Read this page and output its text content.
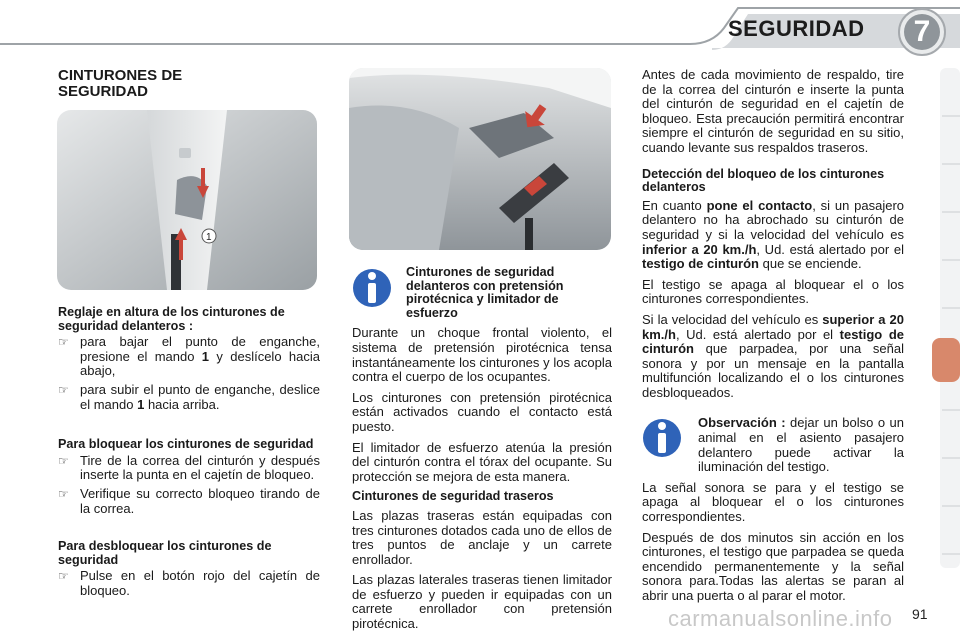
SEGURIDAD	7
CINTURONES DE SEGURIDAD
1
Reglaje en altura de los cinturones de seguridad delanteros :
☞ para bajar el punto de enganche, presione el mando 1 y deslícelo hacia abajo,
☞ para subir el punto de enganche, deslice el mando 1 hacia arriba.
Para bloquear los cinturones de seguridad
☞ Tire de la correa del cinturón y después inserte la punta en el cajetín de bloqueo.
☞ Verifique su correcto bloqueo tirando de la correa.
Para desbloquear los cinturones de seguridad
☞ Pulse en el botón rojo del cajetín de bloqueo.
Cinturones de seguridad delanteros con pretensión pirotécnica y limitador de esfuerzo

Durante un choque frontal violento, el sistema de pretensión pirotécnica tensa instantáneamente los cinturones y los acopla contra el cuerpo de los ocupantes.

Los cinturones con pretensión pirotécnica están activados cuando el contacto está puesto.

El limitador de esfuerzo atenúa la presión del cinturón contra el tórax del ocupante. Su protección se mejora de esta manera.

Cinturones de seguridad traseros

Las plazas traseras están equipadas con tres cinturones dotados cada uno de ellos de tres puntos de anclaje y un carrete enrollador.

Las plazas laterales traseras tienen limitador de esfuerzo y pueden ir equipadas con un carrete enrollador con pretensión pirotécnica.

Antes de cada movimiento de respaldo, tire de la correa del cinturón e inserte la punta del cinturón de seguridad en el cajetín de bloqueo. Esta precaución permitirá encontrar siempre el cinturón de seguridad en su sitio, cuando levante sus respaldos traseros.

Detección del bloqueo de los cinturones delanteros

En cuanto pone el contacto, si un pasajero delantero no ha abrochado su cinturón de seguridad y si la velocidad del vehículo es inferior a 20 km./h, Ud. está alertado por el testigo de cinturón que se enciende.

El testigo se apaga al bloquear el o los cinturones correspondientes.

Si la velocidad del vehículo es superior a 20 km./h, Ud. está alertado por el testigo de cinturón que parpadea, por una señal sonora y por un mensaje en la pantalla multifunción localizando el o los cinturones desbloqueados.

Observación : dejar un bolso o un animal en el asiento pasajero delantero puede activar la iluminación del testigo.

La señal sonora se para y el testigo se apaga al bloquear el o los cinturones correspondientes.

Después de dos minutos sin acción en los cinturones, el testigo que parpadea se queda encendido permanentemente y la señal sonora para.Todas las alertas se paran al abrir una puerta o al parar el motor.

carmanualsonline.info 91
